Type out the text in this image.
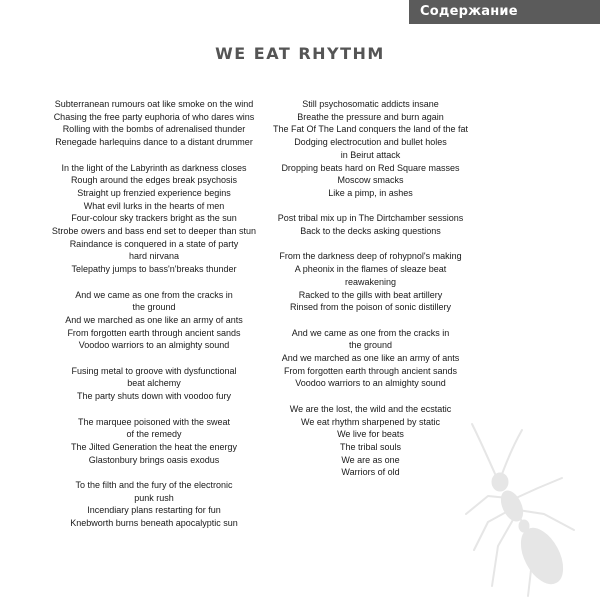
Содержание
WE EAT RHYTHM
Subterranean rumours oat like smoke on the wind
Chasing the free party euphoria of who dares wins
Rolling with the bombs of adrenalised thunder
Renegade harlequins dance to a distant drummer
In the light of the Labyrinth as darkness closes
Rough around the edges break psychosis
Straight up frenzied experience begins
What evil lurks in the hearts of men
Four-colour sky trackers bright as the sun
Strobe owers and bass end set to deeper than stun
Raindance is conquered in a state of party
hard nirvana
Telepathy jumps to bass'n'breaks thunder
And we came as one from the cracks in
the ground
And we marched as one like an army of ants
From forgotten earth through ancient sands
Voodoo warriors to an almighty sound
Fusing metal to groove with dysfunctional
beat alchemy
The party shuts down with voodoo fury
The marquee poisoned with the sweat
of the remedy
The Jilted Generation the heat the energy
Glastonbury brings oasis exodus
To the filth and the fury of the electronic
punk rush
Incendiary plans restarting for fun
Knebworth burns beneath apocalyptic sun
Still psychosomatic addicts insane
Breathe the pressure and burn again
The Fat Of The Land conquers the land of the fat
Dodging electrocution and bullet holes
in Beirut attack
Dropping beats hard on Red Square masses
Moscow smacks
Like a pimp, in ashes
Post tribal mix up in The Dirtchamber sessions
Back to the decks asking questions
From the darkness deep of rohypnol's making
A pheonix in the flames of sleaze beat
reawakening
Racked to the gills with beat artillery
Rinsed from the poison of sonic distillery
And we came as one from the cracks in
the ground
And we marched as one like an army of ants
From forgotten earth through ancient sands
Voodoo warriors to an almighty sound
We are the lost, the wild and the ecstatic
We eat rhythm sharpened by static
We live for beats
The tribal souls
We are as one
Warriors of old
